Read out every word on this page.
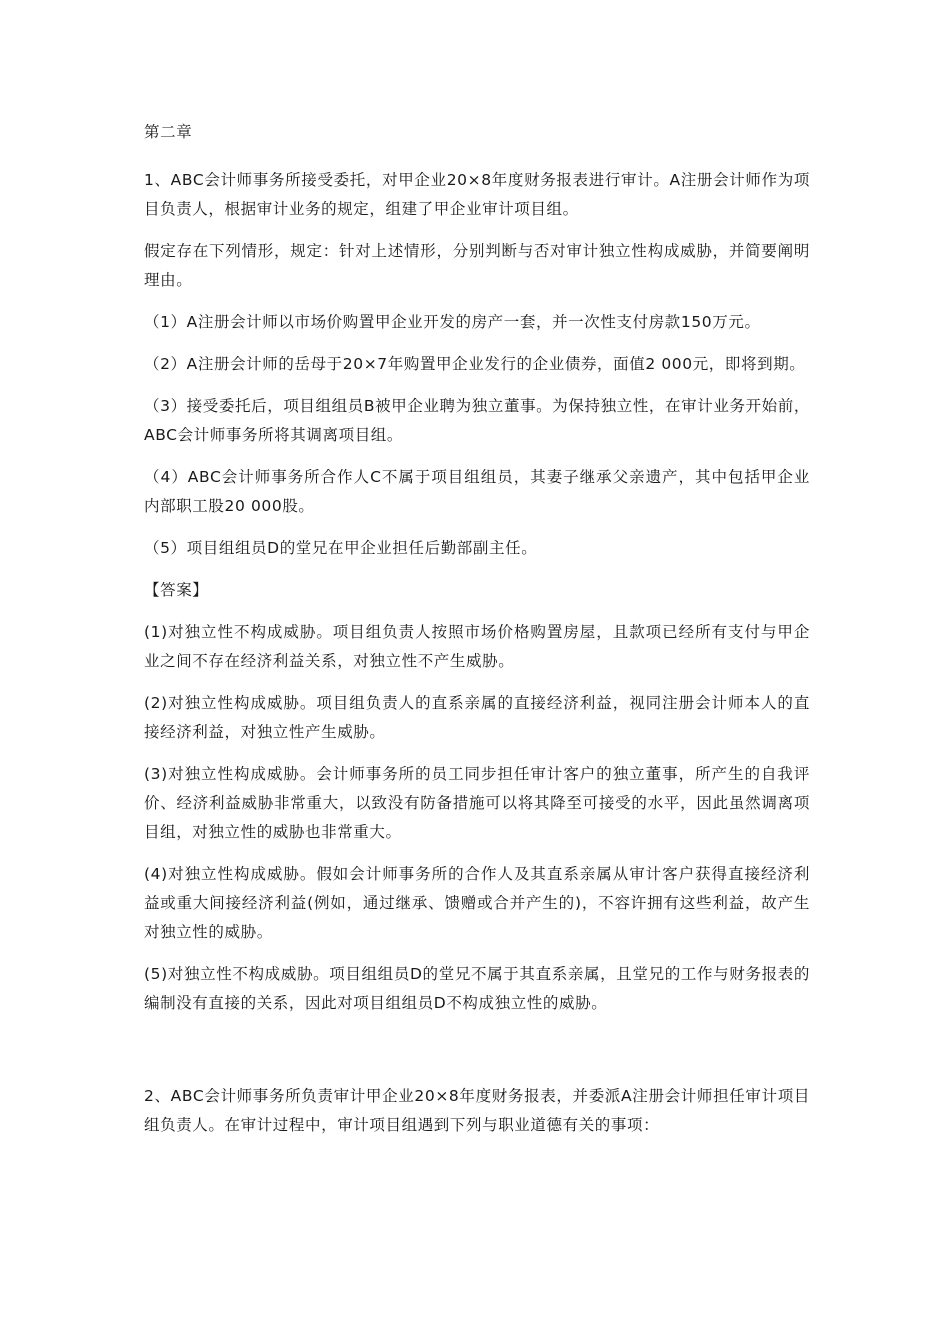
第二章

1、ABC会计师事务所接受委托，对甲企业20×8年度财务报表进行审计。A注册会计师作为项目负责人，根据审计业务的规定，组建了甲企业审计项目组。

假定存在下列情形，规定：针对上述情形，分别判断与否对审计独立性构成威胁，并简要阐明理由。

（1）A注册会计师以市场价购置甲企业开发的房产一套，并一次性支付房款150万元。

（2）A注册会计师的岳母于20×7年购置甲企业发行的企业债券，面值2 000元，即将到期。

（3）接受委托后，项目组组员B被甲企业聘为独立董事。为保持独立性，在审计业务开始前，ABC会计师事务所将其调离项目组。

（4）ABC会计师事务所合作人C不属于项目组组员，其妻子继承父亲遗产，其中包括甲企业内部职工股20 000股。

（5）项目组组员D的堂兄在甲企业担任后勤部副主任。

【答案】

(1)对独立性不构成威胁。项目组负责人按照市场价格购置房屋，且款项已经所有支付与甲企业之间不存在经济利益关系，对独立性不产生威胁。

(2)对独立性构成威胁。项目组负责人的直系亲属的直接经济利益，视同注册会计师本人的直接经济利益，对独立性产生威胁。

(3)对独立性构成威胁。会计师事务所的员工同步担任审计客户的独立董事，所产生的自我评价、经济利益威胁非常重大，以致没有防备措施可以将其降至可接受的水平，因此虽然调离项目组，对独立性的威胁也非常重大。

(4)对独立性构成威胁。假如会计师事务所的合作人及其直系亲属从审计客户获得直接经济利益或重大间接经济利益(例如，通过继承、馈赠或合并产生的)，不容许拥有这些利益，故产生对独立性的威胁。

(5)对独立性不构成威胁。项目组组员D的堂兄不属于其直系亲属，且堂兄的工作与财务报表的编制没有直接的关系，因此对项目组组员D不构成独立性的威胁。

2、ABC会计师事务所负责审计甲企业20×8年度财务报表，并委派A注册会计师担任审计项目组负责人。在审计过程中，审计项目组遇到下列与职业道德有关的事项：
